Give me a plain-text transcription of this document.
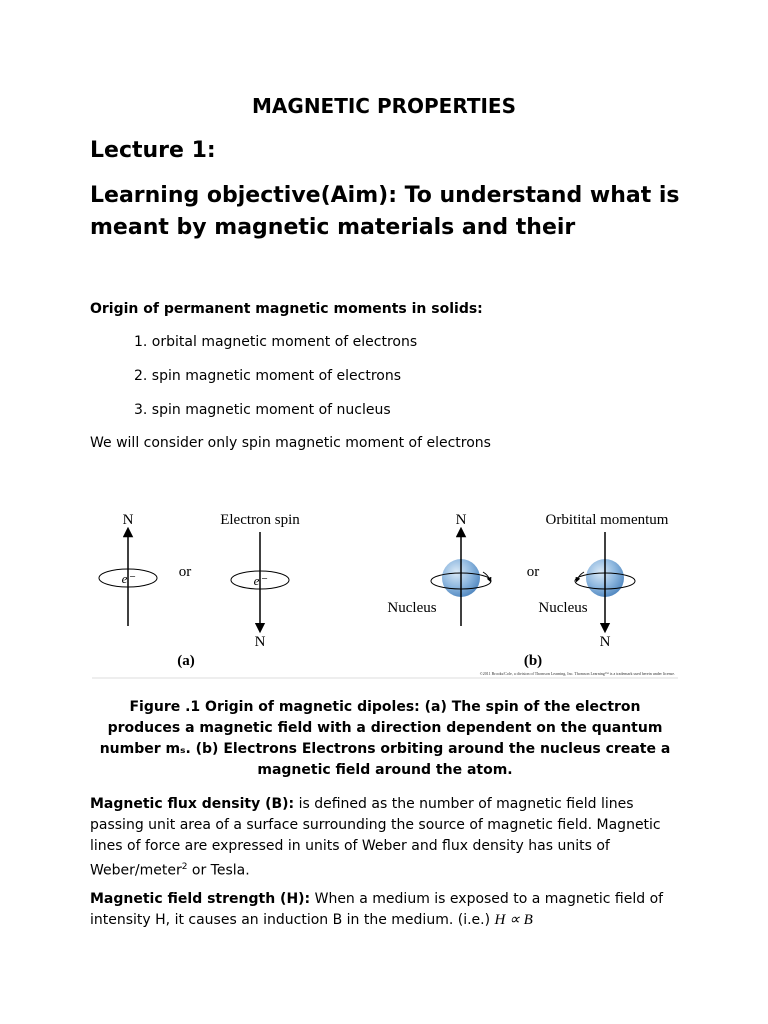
MAGNETIC PROPERTIES
Lecture 1:
Learning objective(Aim): To understand what is meant by magnetic materials and their
Origin of permanent magnetic moments in solids:
1. orbital magnetic moment of electrons
2. spin magnetic moment of electrons
3. spin magnetic moment of nucleus
We will consider only spin magnetic moment of electrons
N
e⁻	or
Electron spin
e⁻
N
(a)
N
Nucleus
or
Orbitital momentum
Nucleus
N
(b)
©2011 Brooks/Cole, a division of Thomson Learning, Inc. Thomson Learning™ is a trademark used herein under license.
Figure .1 Origin of magnetic dipoles: (a) The spin of the electron produces a magnetic field with a direction dependent on the quantum number mₛ. (b) Electrons Electrons orbiting around the nucleus create a magnetic field around the atom.
Magnetic flux density (B): is defined as the number of magnetic field lines passing unit area of a surface surrounding the source of magnetic field. Magnetic lines of force are expressed in units of Weber and flux density has units of Weber/meter$^2$ or Tesla.
Magnetic field strength (H): When a medium is exposed to a magnetic field of intensity H, it causes an induction B in the medium. (i.e.) H ∝ B
